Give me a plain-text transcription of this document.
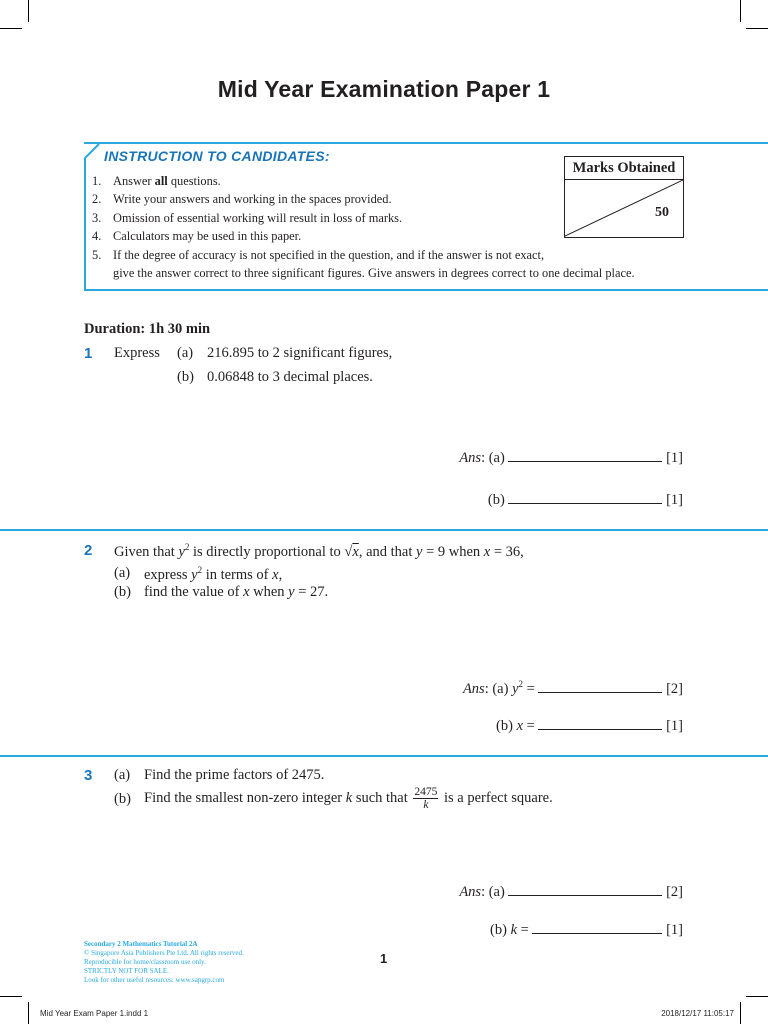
Mid Year Examination Paper 1
INSTRUCTION TO CANDIDATES:
1. Answer all questions.
2. Write your answers and working in the spaces provided.
3. Omission of essential working will result in loss of marks.
4. Calculators may be used in this paper.
5. If the degree of accuracy is not specified in the question, and if the answer is not exact,
give the answer correct to three significant figures. Give answers in degrees correct to one decimal place.
Marks Obtained
50
Duration: 1h 30 min
1 Express (a) 216.895 to 2 significant figures,
(b) 0.06848 to 3 decimal places.
Ans: (a)	[1]
(b)	[1]
2 Given that $y^2$ is directly proportional to √x, and that y = 9 when x = 36,
(a) express $y^2$ in terms of x,
(b) find the value of x when y = 27.
Ans: (a) $y^2$ =	[2]
(b) x =	[1]
3 (a) Find the prime factors of 2475.
(b) Find the smallest non-zero integer k such that $\frac{2475}{k}$ is a perfect square.
Ans: (a)	[2]
(b) k =	[1]
Secondary 2 Mathematics Tutorial 2A
© Singapore Asia Publishers Pte Ltd. All rights reserved.
Reproducible for home/classroom use only.
STRICTLY NOT FOR SALE.
Look for other useful resources: www.sapgrp.com
1
Mid Year Exam Paper 1.indd 1	2018/12/17 11:05:17
